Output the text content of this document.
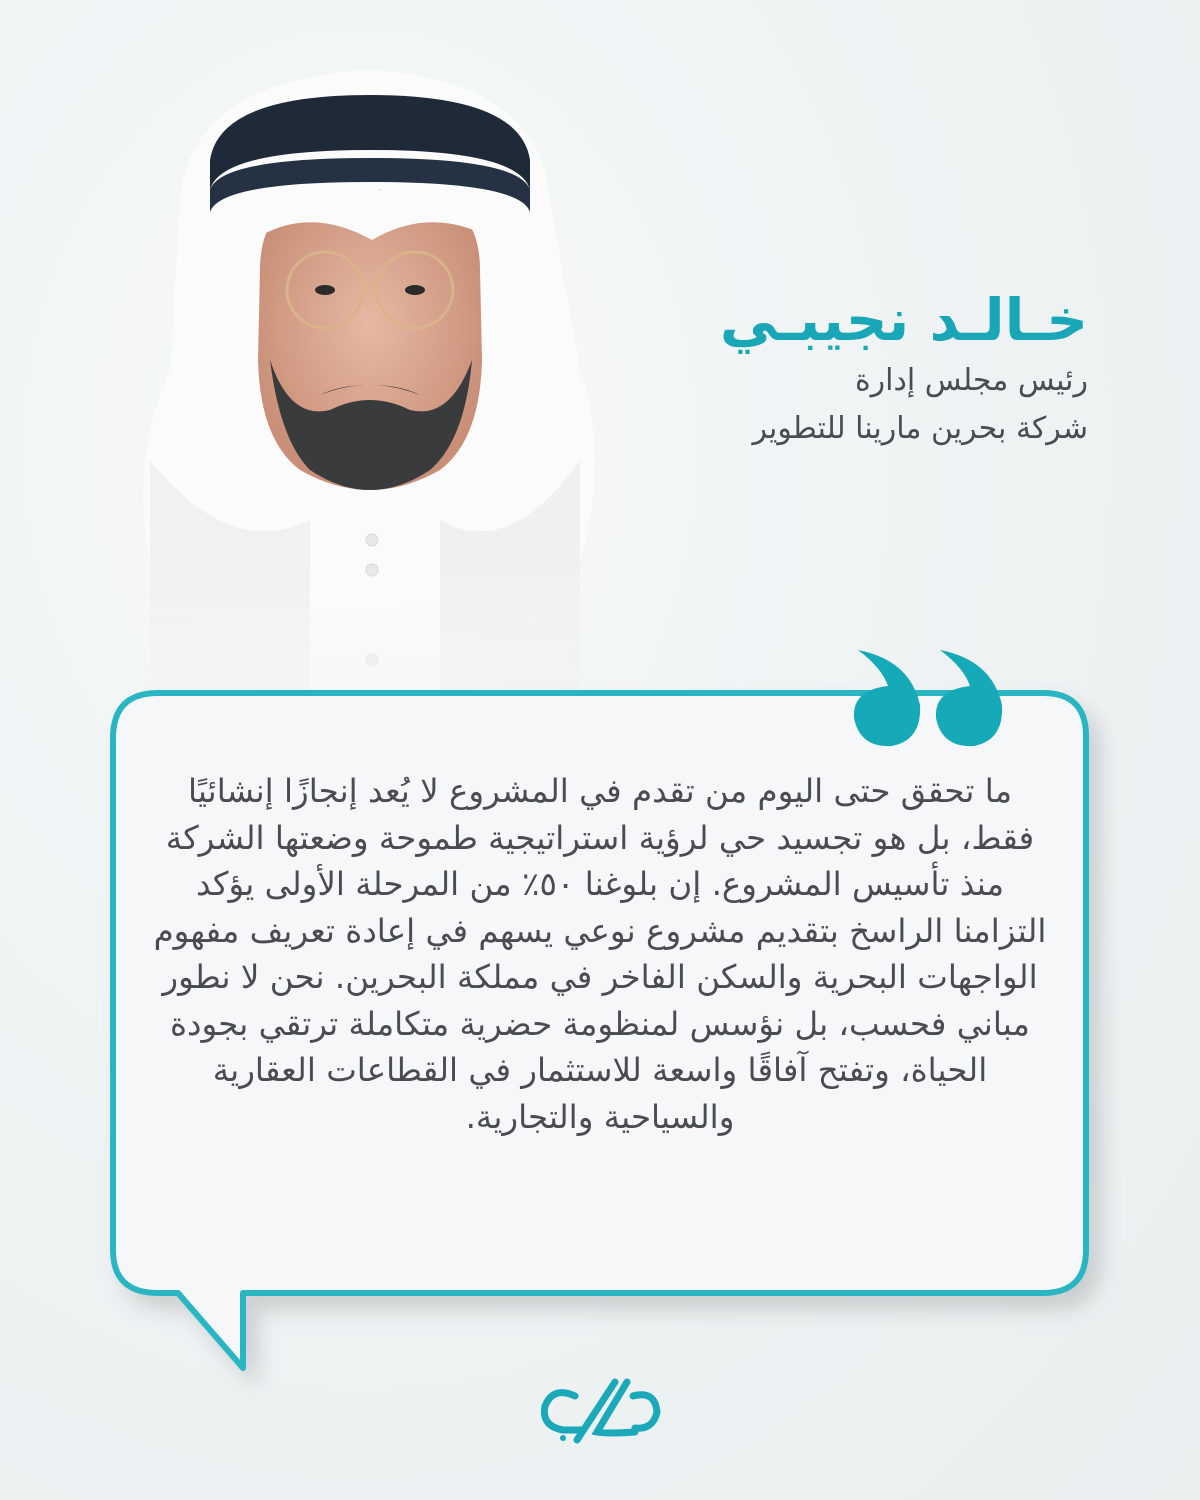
خـالـد نجيبـي
رئيس مجلس إدارة
شركة بحرين مارينا للتطوير
ما تحقق حتى اليوم من تقدم في المشروع لا يُعد إنجازًا إنشائيًا فقط، بل هو تجسيد حي لرؤية استراتيجية طموحة وضعتها الشركة منذ تأسيس المشروع. إن بلوغنا ٥٠٪ من المرحلة الأولى يؤكد التزامنا الراسخ بتقديم مشروع نوعي يسهم في إعادة تعريف مفهوم الواجهات البحرية والسكن الفاخر في مملكة البحرين. نحن لا نطور مباني فحسب، بل نؤسس لمنظومة حضرية متكاملة ترتقي بجودة الحياة، وتفتح آفاقًا واسعة للاستثمار في القطاعات العقارية والسياحية والتجارية.
